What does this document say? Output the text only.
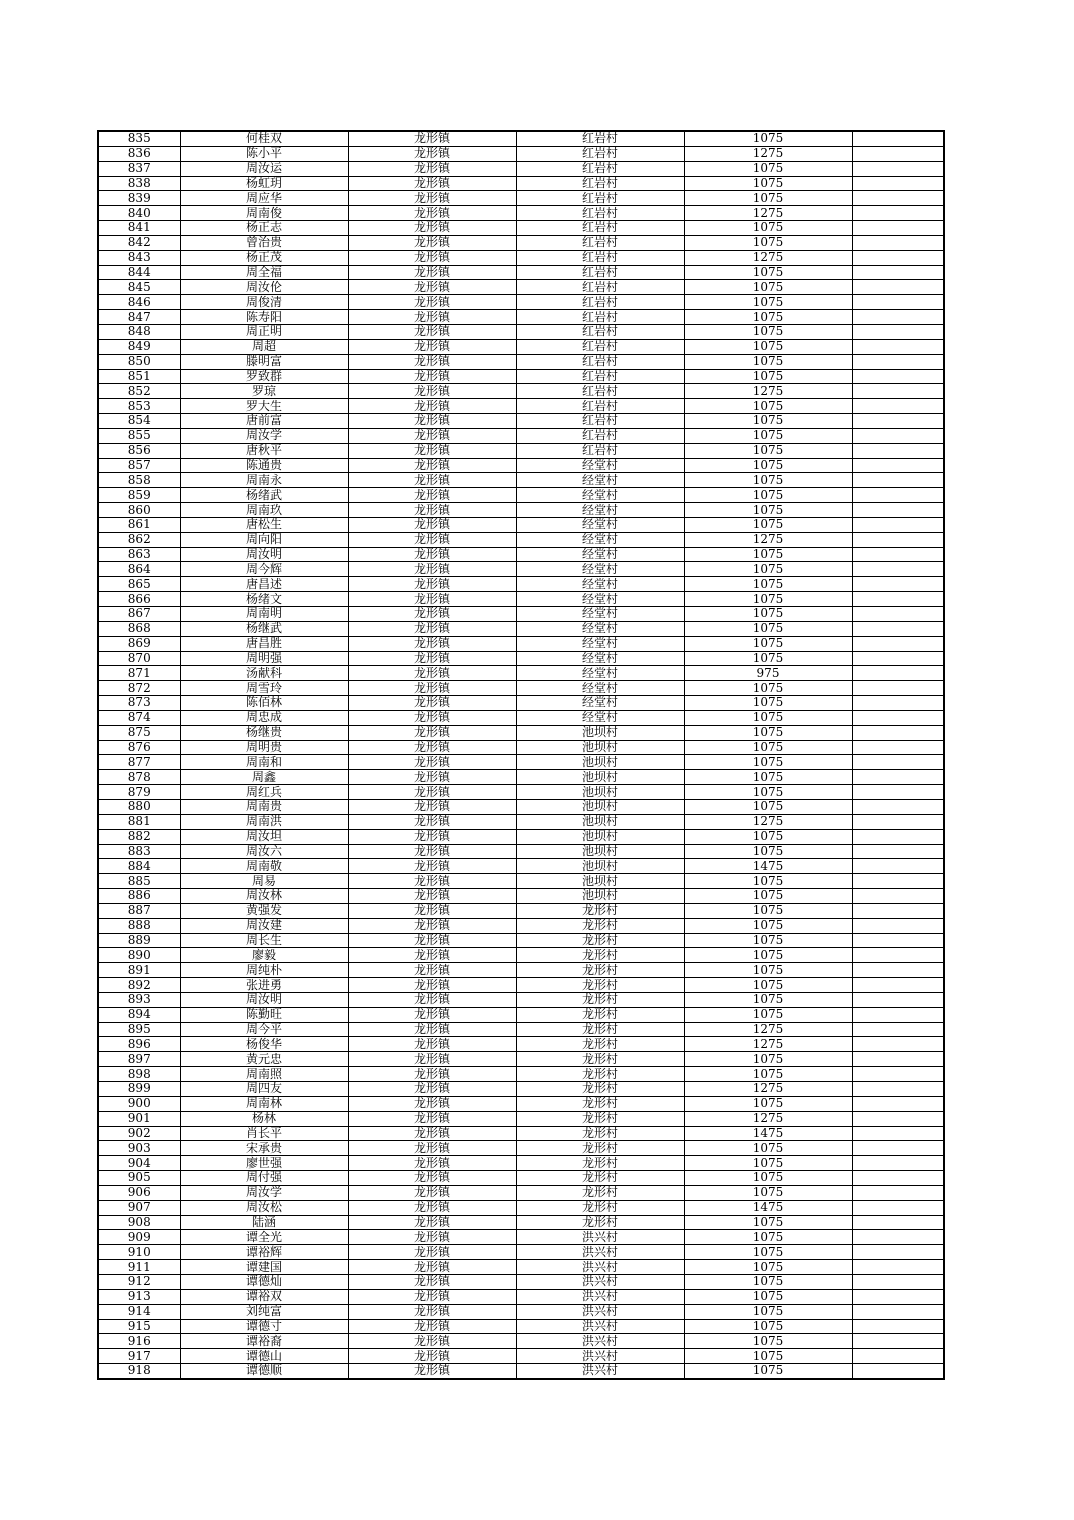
835	何桂双	龙形镇	红岩村	1075	
836	陈小平	龙形镇	红岩村	1275	
837	周汝运	龙形镇	红岩村	1075	
838	杨虹玥	龙形镇	红岩村	1075	
839	周应华	龙形镇	红岩村	1075	
840	周南俊	龙形镇	红岩村	1275	
841	杨正志	龙形镇	红岩村	1075	
842	曾治贵	龙形镇	红岩村	1075	
843	杨正茂	龙形镇	红岩村	1275	
844	周全福	龙形镇	红岩村	1075	
845	周汝伦	龙形镇	红岩村	1075	
846	周俊清	龙形镇	红岩村	1075	
847	陈寿阳	龙形镇	红岩村	1075	
848	周正明	龙形镇	红岩村	1075	
849	周超	龙形镇	红岩村	1075	
850	滕明富	龙形镇	红岩村	1075	
851	罗致群	龙形镇	红岩村	1075	
852	罗琼	龙形镇	红岩村	1275	
853	罗大生	龙形镇	红岩村	1075	
854	唐前富	龙形镇	红岩村	1075	
855	周汝学	龙形镇	红岩村	1075	
856	唐秋平	龙形镇	红岩村	1075	
857	陈通贵	龙形镇	经堂村	1075	
858	周南永	龙形镇	经堂村	1075	
859	杨绪武	龙形镇	经堂村	1075	
860	周南玖	龙形镇	经堂村	1075	
861	唐松生	龙形镇	经堂村	1075	
862	周向阳	龙形镇	经堂村	1275	
863	周汝明	龙形镇	经堂村	1075	
864	周今辉	龙形镇	经堂村	1075	
865	唐昌述	龙形镇	经堂村	1075	
866	杨绪文	龙形镇	经堂村	1075	
867	周南明	龙形镇	经堂村	1075	
868	杨继武	龙形镇	经堂村	1075	
869	唐昌胜	龙形镇	经堂村	1075	
870	周明强	龙形镇	经堂村	1075	
871	汤献科	龙形镇	经堂村	975	
872	周雪玲	龙形镇	经堂村	1075	
873	陈佰林	龙形镇	经堂村	1075	
874	周忠成	龙形镇	经堂村	1075	
875	杨继贵	龙形镇	池坝村	1075	
876	周明贵	龙形镇	池坝村	1075	
877	周南和	龙形镇	池坝村	1075	
878	周鑫	龙形镇	池坝村	1075	
879	周红兵	龙形镇	池坝村	1075	
880	周南贵	龙形镇	池坝村	1075	
881	周南洪	龙形镇	池坝村	1275	
882	周汝坦	龙形镇	池坝村	1075	
883	周汝六	龙形镇	池坝村	1075	
884	周南敬	龙形镇	池坝村	1475	
885	周易	龙形镇	池坝村	1075	
886	周汝林	龙形镇	池坝村	1075	
887	黄强发	龙形镇	龙形村	1075	
888	周汝建	龙形镇	龙形村	1075	
889	周长生	龙形镇	龙形村	1075	
890	廖毅	龙形镇	龙形村	1075	
891	周纯朴	龙形镇	龙形村	1075	
892	张进勇	龙形镇	龙形村	1075	
893	周汝明	龙形镇	龙形村	1075	
894	陈勤旺	龙形镇	龙形村	1075	
895	周今平	龙形镇	龙形村	1275	
896	杨俊华	龙形镇	龙形村	1275	
897	黄元忠	龙形镇	龙形村	1075	
898	周南照	龙形镇	龙形村	1075	
899	周四友	龙形镇	龙形村	1275	
900	周南林	龙形镇	龙形村	1075	
901	杨林	龙形镇	龙形村	1275	
902	肖长平	龙形镇	龙形村	1475	
903	宋承贵	龙形镇	龙形村	1075	
904	廖世强	龙形镇	龙形村	1075	
905	周付强	龙形镇	龙形村	1075	
906	周汝学	龙形镇	龙形村	1075	
907	周汝松	龙形镇	龙形村	1475	
908	陆涵	龙形镇	龙形村	1075	
909	谭全光	龙形镇	洪兴村	1075	
910	谭裕辉	龙形镇	洪兴村	1075	
911	谭建国	龙形镇	洪兴村	1075	
912	谭德灿	龙形镇	洪兴村	1075	
913	谭裕双	龙形镇	洪兴村	1075	
914	刘纯富	龙形镇	洪兴村	1075	
915	谭德寸	龙形镇	洪兴村	1075	
916	谭裕裔	龙形镇	洪兴村	1075	
917	谭德山	龙形镇	洪兴村	1075	
918	谭德顺	龙形镇	洪兴村	1075	
